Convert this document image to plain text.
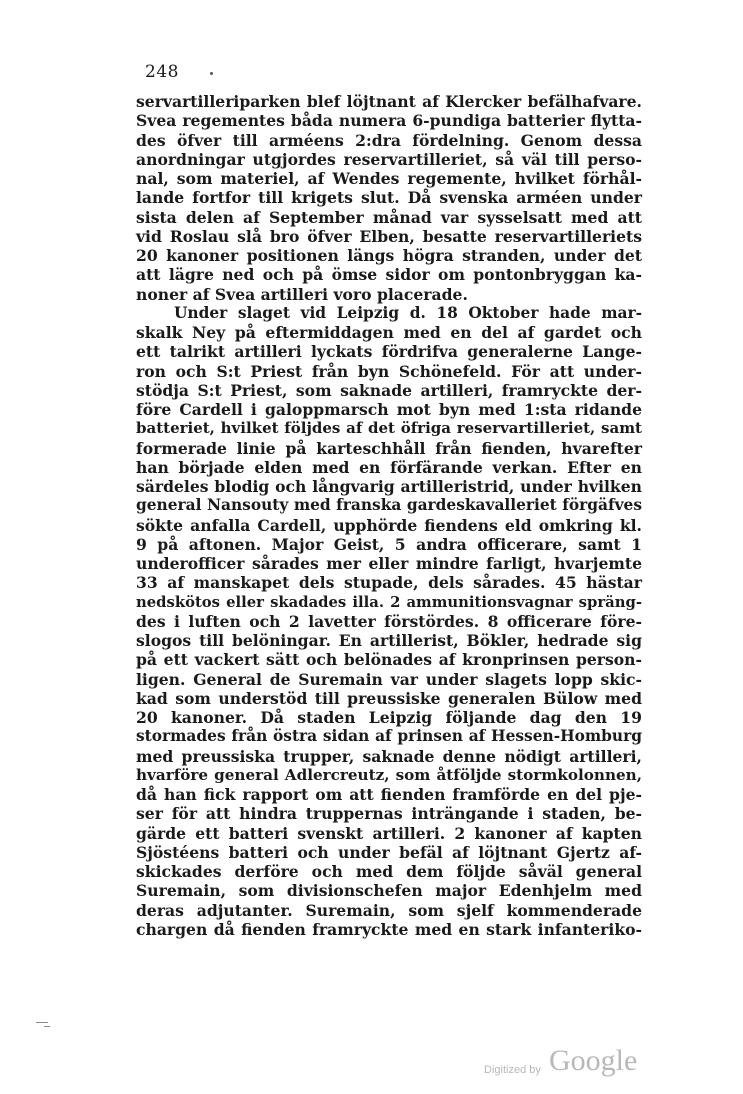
248
servartilleriparken blef löjtnant af Klercker befälhafvare.
Svea regementes båda numera 6-pundiga batterier flytta-
des öfver till arméens 2:dra fördelning. Genom dessa
anordningar utgjordes reservartilleriet, så väl till perso-
nal, som materiel, af Wendes regemente, hvilket förhål-
lande fortfor till krigets slut. Då svenska arméen under
sista delen af September månad var sysselsatt med att
vid Roslau slå bro öfver Elben, besatte reservartilleriets
20 kanoner positionen längs högra stranden, under det
att lägre ned och på ömse sidor om pontonbryggan ka-
noner af Svea artilleri voro placerade.
Under slaget vid Leipzig d. 18 Oktober hade mar-
skalk Ney på eftermiddagen med en del af gardet och
ett talrikt artilleri lyckats fördrifva generalerne Lange-
ron och S:t Priest från byn Schönefeld. För att under-
stödja S:t Priest, som saknade artilleri, framryckte der-
före Cardell i galoppmarsch mot byn med 1:sta ridande
batteriet, hvilket följdes af det öfriga reservartilleriet, samt
formerade linie på karteschhåll från fienden, hvarefter
han började elden med en förfärande verkan. Efter en
särdeles blodig och långvarig artilleristrid, under hvilken
general Nansouty med franska gardeskavalleriet förgäfves
sökte anfalla Cardell, upphörde fiendens eld omkring kl.
9 på aftonen. Major Geist, 5 andra officerare, samt 1
underofficer sårades mer eller mindre farligt, hvarjemte
33 af manskapet dels stupade, dels sårades. 45 hästar
nedskötos eller skadades illa. 2 ammunitionsvagnar spräng-
des i luften och 2 lavetter förstördes. 8 officerare före-
slogos till belöningar. En artillerist, Bökler, hedrade sig
på ett vackert sätt och belönades af kronprinsen person-
ligen. General de Suremain var under slagets lopp skic-
kad som understöd till preussiske generalen Bülow med
20 kanoner. Då staden Leipzig följande dag den 19
stormades från östra sidan af prinsen af Hessen-Homburg
med preussiska trupper, saknade denne nödigt artilleri,
hvarföre general Adlercreutz, som åtföljde stormkolonnen,
då han fick rapport om att fienden framförde en del pje-
ser för att hindra truppernas inträngande i staden, be-
gärde ett batteri svenskt artilleri. 2 kanoner af kapten
Sjöstéens batteri och under befäl af löjtnant Gjertz af-
skickades derföre och med dem följde såväl general
Suremain, som divisionschefen major Edenhjelm med
deras adjutanter. Suremain, som sjelf kommenderade
chargen då fienden framryckte med en stark infanteriko-
Digitized by Google
